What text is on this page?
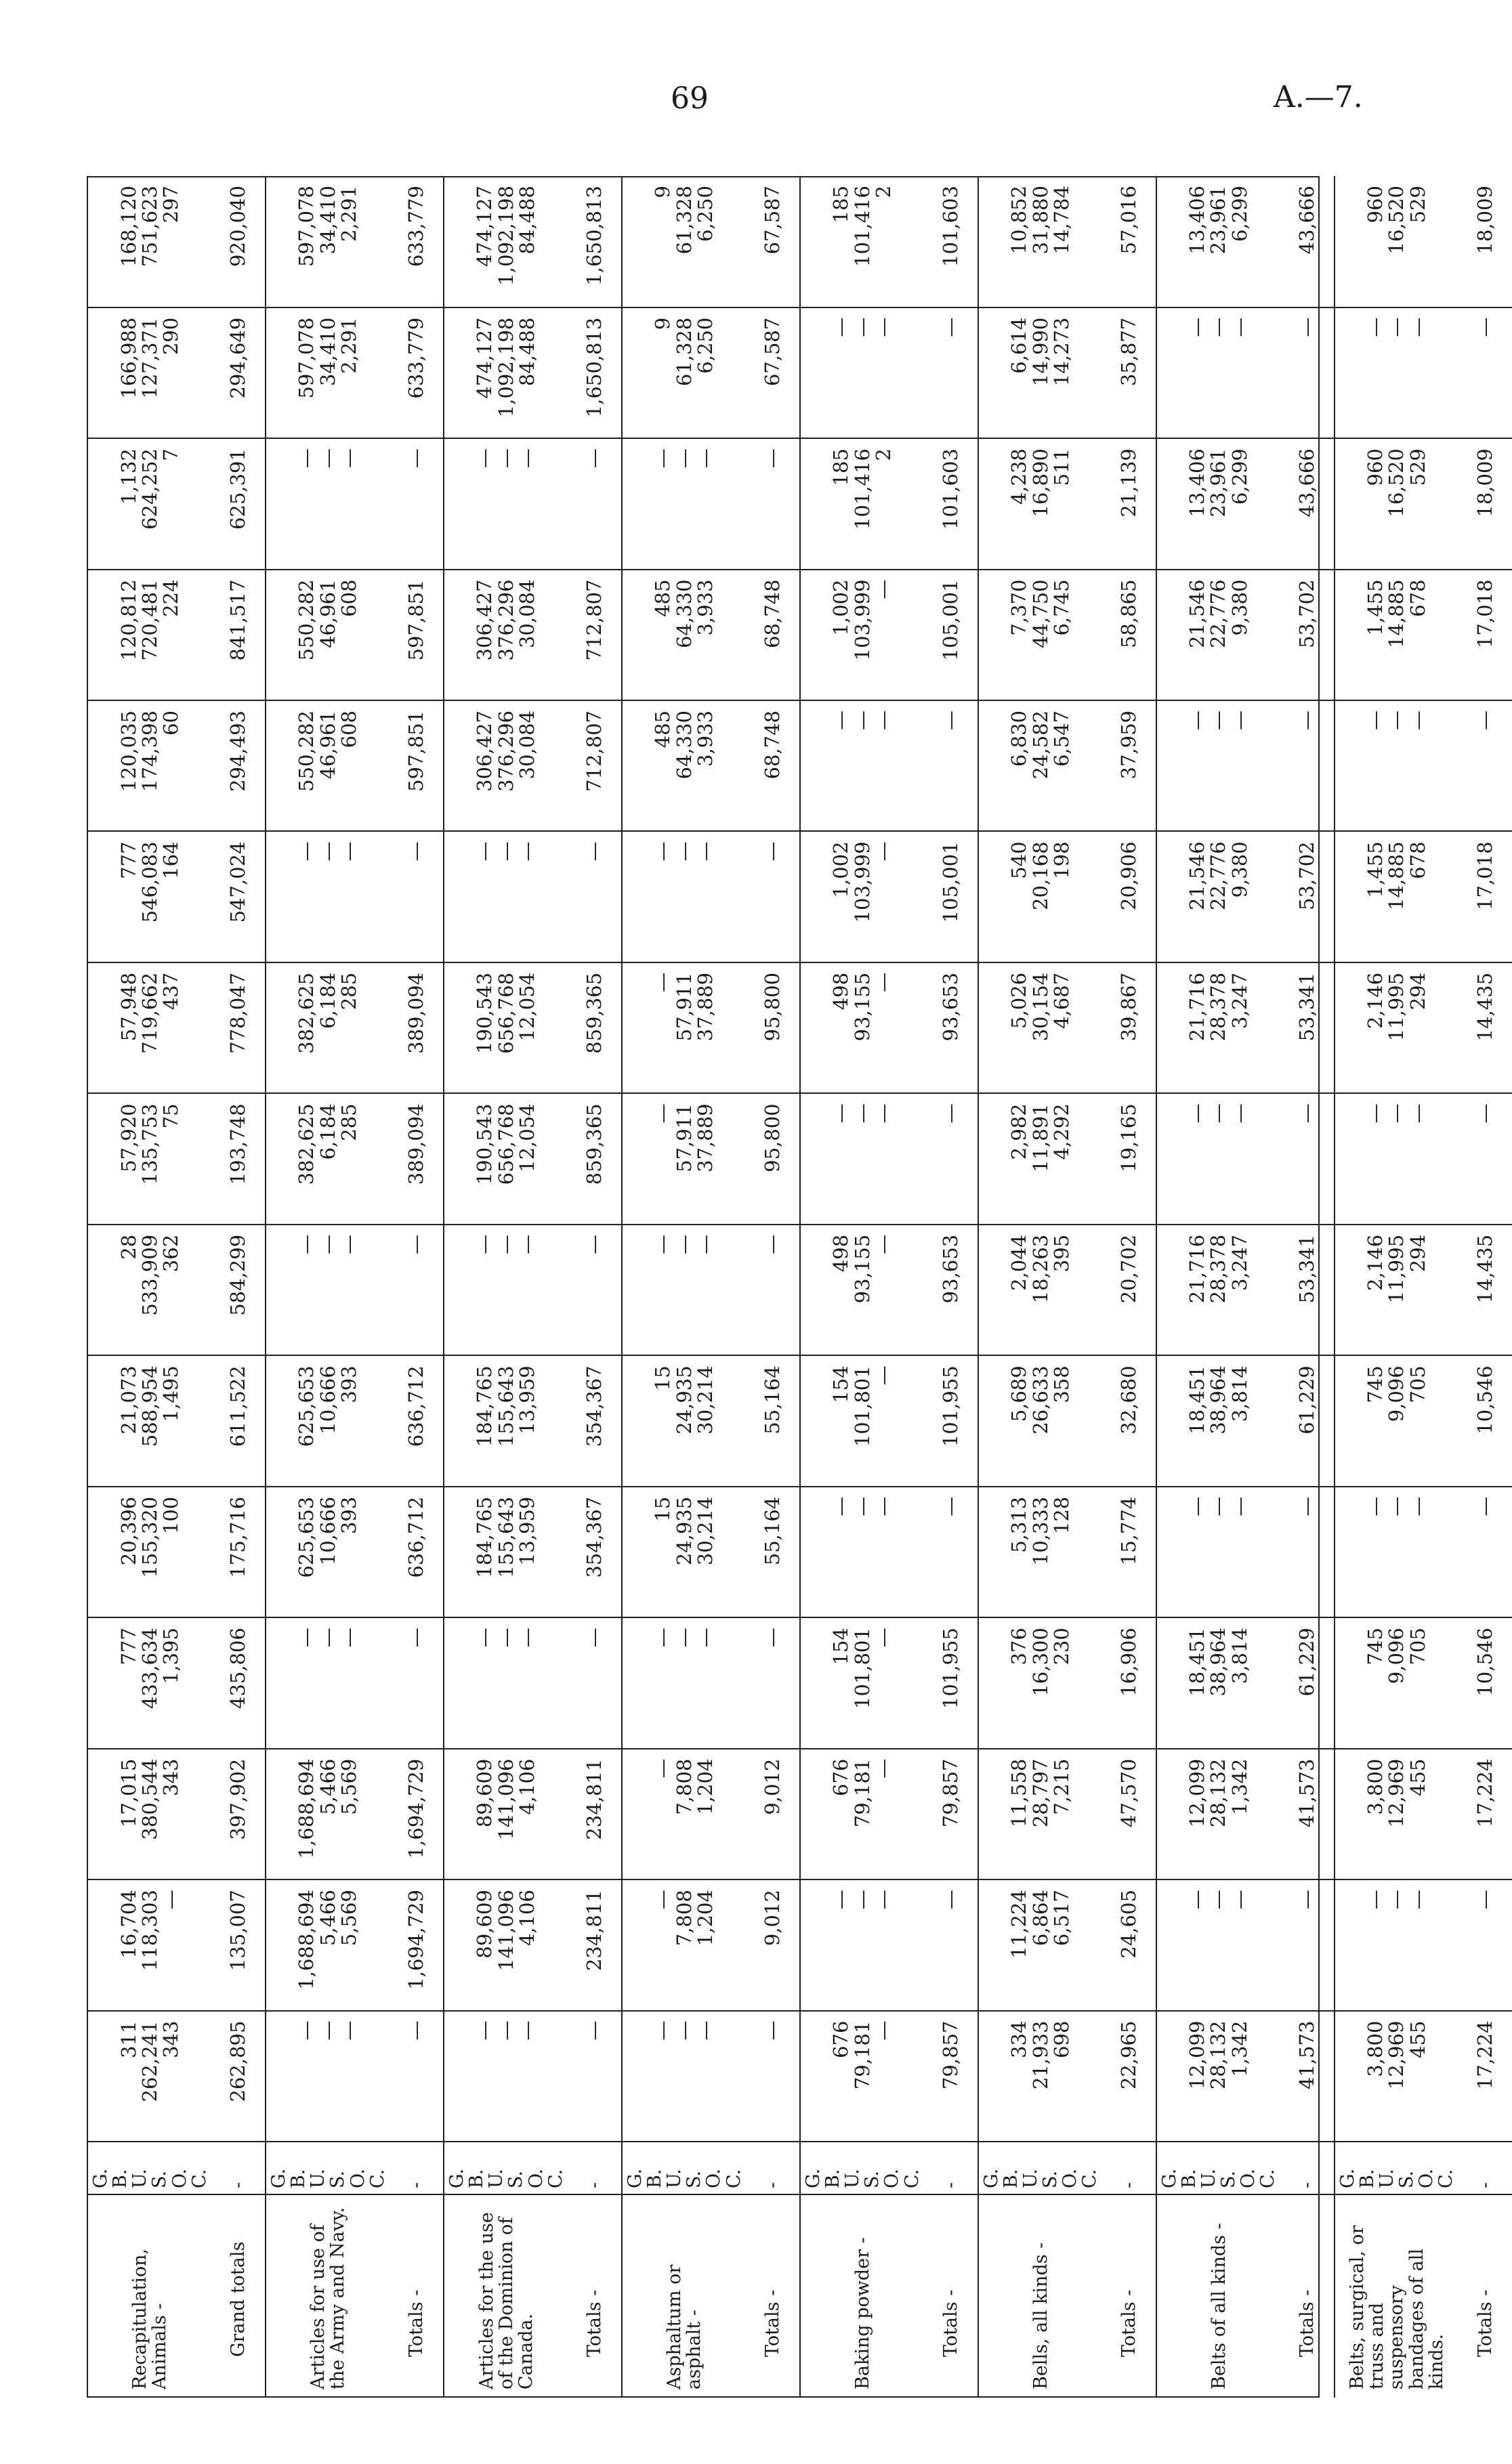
69	A.—7.
Recapitulation, Animals -	G. B.
U. S.
O. C.	311
262,241
343	16,704
118,303
—	17,015
380,544
343	777
433,634
1,395	20,396
155,320
100	21,073
588,954
1,495	28
533,909
362	57,920
135,753
75	57,948
719,662
437	777
546,083
164	120,035
174,398
60	120,812
720,481
224	1,132
624,252
7	166,988
127,371
290	168,120
751,623
297
Grand totals	-	262,895	135,007	397,902	435,806	175,716	611,522	584,299	193,748	778,047	547,024	294,493	841,517	625,391	294,649	920,040
Articles for use of the Army and Navy.	G. B.
U. S.
O. C.	—
—
—	1,688,694
5,466
5,569	1,688,694
5,466
5,569	—
—
—	625,653
10,666
393	625,653
10,666
393	—
—
—	382,625
6,184
285	382,625
6,184
285	—
—
—	550,282
46,961
608	550,282
46,961
608	—
—
—	597,078
34,410
2,291	597,078
34,410
2,291
Totals -	-	—	1,694,729	1,694,729	—	636,712	636,712	—	389,094	389,094	—	597,851	597,851	—	633,779	633,779
Articles for the use of the Dominion of Canada.	G. B.
U. S.
O. C.	—
—
—	89,609
141,096
4,106	89,609
141,096
4,106	—
—
—	184,765
155,643
13,959	184,765
155,643
13,959	—
—
—	190,543
656,768
12,054	190,543
656,768
12,054	—
—
—	306,427
376,296
30,084	306,427
376,296
30,084	—
—
—	474,127
1,092,198
84,488	474,127
1,092,198
84,488
Totals -	-	—	234,811	234,811	—	354,367	354,367	—	859,365	859,365	—	712,807	712,807	—	1,650,813	1,650,813
Asphaltum or asphalt -	G. B.
U. S.
O. C.	—
—
—	—
7,808
1,204	—
7,808
1,204	—
—
—	15
24,935
30,214	15
24,935
30,214	—
—
—	—
57,911
37,889	—
57,911
37,889	—
—
—	485
64,330
3,933	485
64,330
3,933	—
—
—	9
61,328
6,250	9
61,328
6,250
Totals -	-	—	9,012	9,012	—	55,164	55,164	—	95,800	95,800	—	68,748	68,748	—	67,587	67,587
Baking powder -	G. B.
U. S.
O. C.	676
79,181
—	—
—
—	676
79,181
—	154
101,801
—	—
—
—	154
101,801
—	498
93,155
—	—
—
—	498
93,155
—	1,002
103,999
—	—
—
—	1,002
103,999
—	185
101,416
2	—
—
—	185
101,416
2
Totals -	-	79,857	—	79,857	101,955	—	101,955	93,653	—	93,653	105,001	—	105,001	101,603	—	101,603
Bells, all kinds -	G. B.
U. S.
O. C.	334
21,933
698	11,224
6,864
6,517	11,558
28,797
7,215	376
16,300
230	5,313
10,333
128	5,689
26,633
358	2,044
18,263
395	2,982
11,891
4,292	5,026
30,154
4,687	540
20,168
198	6,830
24,582
6,547	7,370
44,750
6,745	4,238
16,890
511	6,614
14,990
14,273	10,852
31,880
14,784
Totals -	-	22,965	24,605	47,570	16,906	15,774	32,680	20,702	19,165	39,867	20,906	37,959	58,865	21,139	35,877	57,016
Belts of all kinds -	G. B.
U. S.
O. C.	12,099
28,132
1,342	—
—
—	12,099
28,132
1,342	18,451
38,964
3,814	—
—
—	18,451
38,964
3,814	21,716
28,378
3,247	—
—
—	21,716
28,378
3,247	21,546
22,776
9,380	—
—
—	21,546
22,776
9,380	13,406
23,961
6,299	—
—
—	13,406
23,961
6,299
Totals -	-	41,573	—	41,573	61,229	—	61,229	53,341	—	53,341	53,702	—	53,702	43,666	—	43,666
Belts, surgical, or truss and suspensory bandages of all kinds.	G. B.
U. S.
O. C.	3,800
12,969
455	—
—
—	3,800
12,969
455	745
9,096
705	—
—
—	745
9,096
705	2,146
11,995
294	—
—
—	2,146
11,995
294	1,455
14,885
678	—
—
—	1,455
14,885
678	960
16,520
529	—
—
—	960
16,520
529
Totals -	-	17,224	—	17,224	10,546	—	10,546	14,435	—	14,435	17,018	—	17,018	18,009	—	18,009
